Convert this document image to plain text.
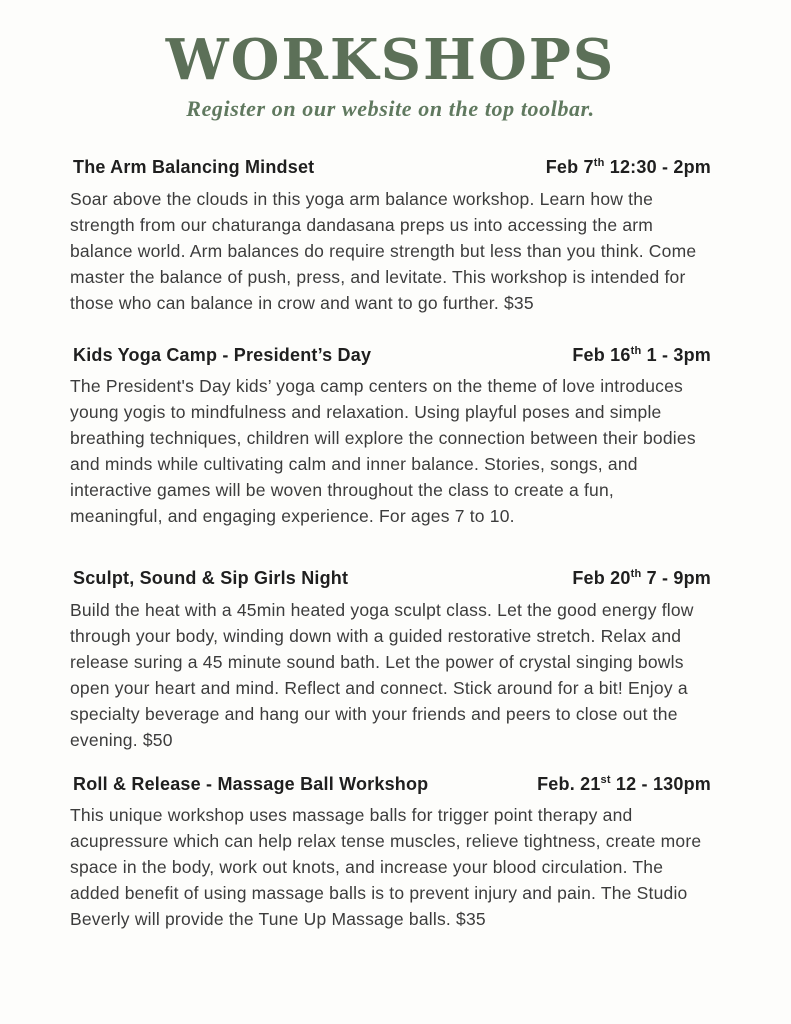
WORKSHOPS
Register on our website on the top toolbar.
The Arm Balancing Mindset	Feb 7th 12:30 - 2pm

Soar above the clouds in this yoga arm balance workshop. Learn how the strength from our chaturanga dandasana preps us into accessing the arm balance world. Arm balances do require strength but less than you think. Come master the balance of push, press, and levitate. This workshop is intended for those who can balance in crow and want to go further. $35

Kids Yoga Camp - President’s Day	Feb 16th 1 - 3pm

The President's Day kids’ yoga camp centers on the theme of love introduces young yogis to mindfulness and relaxation. Using playful poses and simple breathing techniques, children will explore the connection between their bodies and minds while cultivating calm and inner balance. Stories, songs, and interactive games will be woven throughout the class to create a fun, meaningful, and engaging experience. For ages 7 to 10.

Sculpt, Sound & Sip Girls Night	Feb 20th 7 - 9pm

Build the heat with a 45min heated yoga sculpt class. Let the good energy flow through your body, winding down with a guided restorative stretch. Relax and release suring a 45 minute sound bath. Let the power of crystal singing bowls open your heart and mind. Reflect and connect. Stick around for a bit! Enjoy a specialty beverage and hang our with your friends and peers to close out the evening. $50

Roll & Release - Massage Ball Workshop	Feb. 21st 12 - 130pm

This unique workshop uses massage balls for trigger point therapy and acupressure which can help relax tense muscles, relieve tightness, create more space in the body, work out knots, and increase your blood circulation. The added benefit of using massage balls is to prevent injury and pain. The Studio Beverly will provide the Tune Up Massage balls. $35
